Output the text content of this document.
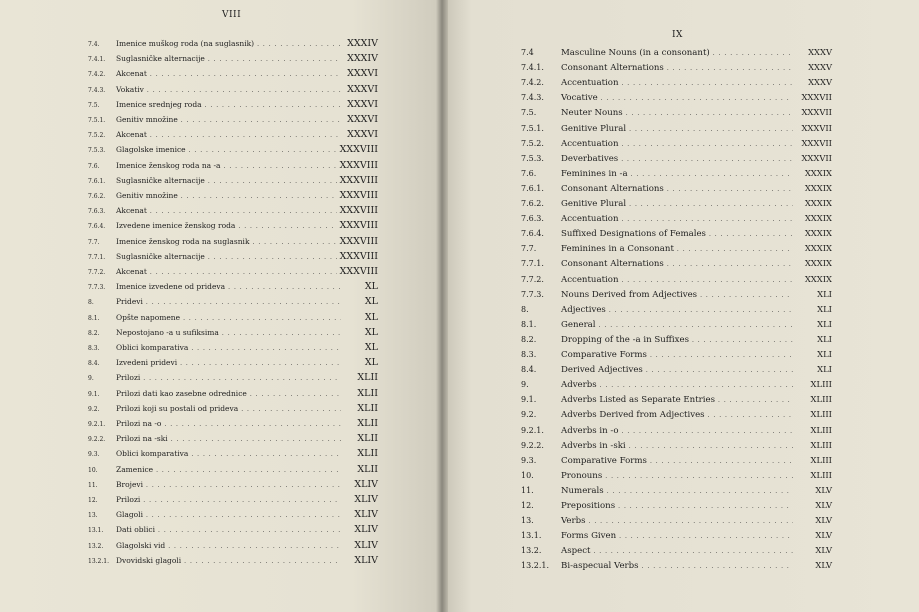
VIII
IX
7.4.	Imenice muškog roda (na suglasnik) . . .	XXXIV
7.4.1.	Suglasničke alternacije . . .	XXXIV
7.4.2.	Akcenat . . .	XXXVI
7.4.3.	Vokativ . . .	XXXVI
7.5.	Imenice srednjeg roda . . .	XXXVI
7.5.1.	Genitiv množine . . .	XXXVI
7.5.2.	Akcenat . . .	XXXVI
7.5.3.	Glagolske imenice . . .	XXXVIII
7.6.	Imenice ženskog roda na -a . . .	XXXVIII
7.6.1.	Suglasničke alternacije . . .	XXXVIII
7.6.2.	Genitiv množine . . .	XXXVIII
7.6.3.	Akcenat . . .	XXXVIII
7.6.4.	Izvedene imenice ženskog roda . . .	XXXVIII
7.7.	Imenice ženskog roda na suglasnik . . .	XXXVIII
7.7.1.	Suglasničke alternacije . . .	XXXVIII
7.7.2.	Akcenat . . .	XXXVIII
7.7.3.	Imenice izvedene od prideva . . .	XL
8.	Pridevi . . .	XL
8.1.	Opšte napomene . . .	XL
8.2.	Nepostojano -a u sufiksima . . .	XL
8.3.	Oblici komparativa . . .	XL
8.4.	Izvedeni pridevi . . .	XL
9.	Prilozi . . .	XLII
9.1.	Prilozi dati kao zasebne odrednice . . .	XLII
9.2.	Prilozi koji su postali od prideva . . .	XLII
9.2.1.	Prilozi na -o . . .	XLII
9.2.2.	Prilozi na -ski . . .	XLII
9.3.	Oblici komparativa . . .	XLII
10.	Zamenice . . .	XLII
11.	Brojevi . . .	XLIV
12.	Prilozi . . .	XLIV
13.	Glagoli . . .	XLIV
13.1.	Dati oblici . . .	XLIV
13.2.	Glagolski vid . . .	XLIV
13.2.1. Dvovidski glagoli . . .	XLIV
7.4	Masculine Nouns (in a consonant) . . .	XXXV
7.4.1.	Consonant Alternations . . .	XXXV
7.4.2.	Accentuation . . .	XXXV
7.4.3.	Vocative . . .	XXXVII
7.5.	Neuter Nouns . . .	XXXVII
7.5.1.	Genitive Plural . . .	XXXVII
7.5.2.	Accentuation . . .	XXXVII
7.5.3.	Deverbatives . . .	XXXVII
7.6.	Feminines in -a . . .	XXXIX
7.6.1.	Consonant Alternations . . .	XXXIX
7.6.2.	Genitive Plural . . .	XXXIX
7.6.3.	Accentuation . . .	XXXIX
7.6.4.	Suffixed Designations of Females . . .	XXXIX
7.7.	Feminines in a Consonant . . .	XXXIX
7.7.1.	Consonant Alternations . . .	XXXIX
7.7.2.	Accentuation . . .	XXXIX
7.7.3.	Nouns Derived from Adjectives . . .	XLI
8.	Adjectives . . .	XLI
8.1.	General . . .	XLI
8.2.	Dropping of the -a in Suffixes . . .	XLI
8.3.	Comparative Forms . . .	XLI
8.4.	Derived Adjectives . . .	XLI
9.	Adverbs . . .	XLIII
9.1.	Adverbs Listed as Separate Entries . . .	XLIII
9.2.	Adverbs Derived from Adjectives . . .	XLIII
9.2.1.	Adverbs in -o . . .	XLIII
9.2.2.	Adverbs in -ski . . .	XLIII
9.3.	Comparative Forms . . .	XLIII
10.	Pronouns . . .	XLIII
11.	Numerals . . .	XLV
12.	Prepositions . . .	XLV
13.	Verbs . . .	XLV
13.1.	Forms Given . . .	XLV
13.2.	Aspect . . .	XLV
13.2.1.	Bi-aspecual Verbs . . .	XLV
